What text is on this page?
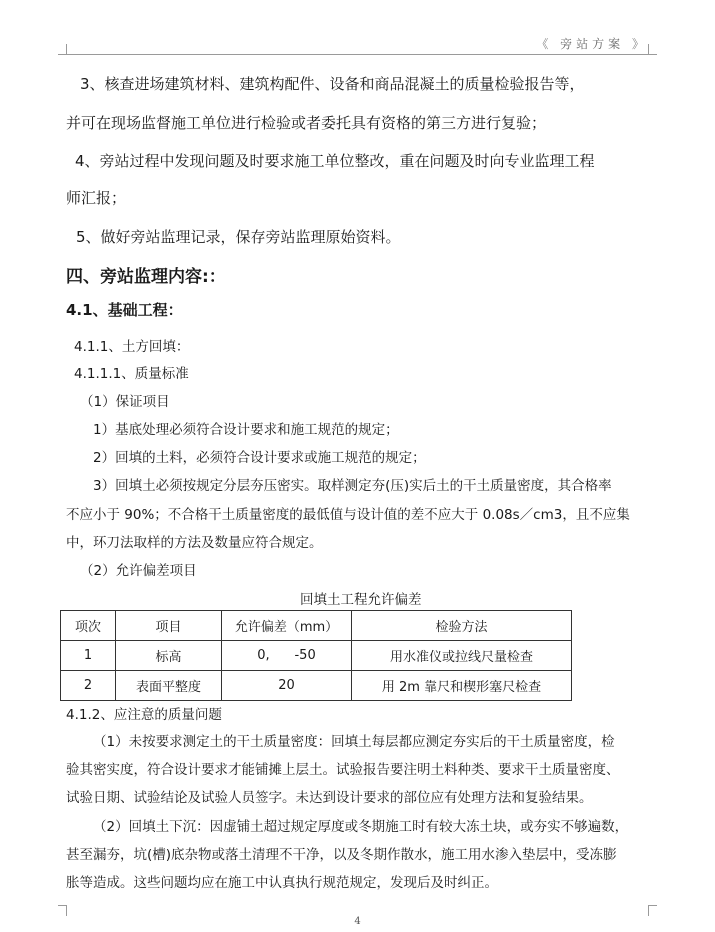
《 旁站方案 》
3、核查进场建筑材料、建筑构配件、设备和商品混凝土的质量检验报告等，
并可在现场监督施工单位进行检验或者委托具有资格的第三方进行复验；
4、旁站过程中发现问题及时要求施工单位整改，重在问题及时向专业监理工程
师汇报；
5、做好旁站监理记录，保存旁站监理原始资料。
四、旁站监理内容:：
4.1、基础工程：
4.1.1、土方回填：
4.1.1.1、质量标准
（1）保证项目
1）基底处理必须符合设计要求和施工规范的规定；
2）回填的土料，必须符合设计要求或施工规范的规定；
3）回填土必须按规定分层夯压密实。取样测定夯(压)实后土的干土质量密度，其合格率
不应小于 90%；不合格干土质量密度的最低值与设计值的差不应大于 0.08s／cm3，且不应集
中，环刀法取样的方法及数量应符合规定。
（2）允许偏差项目
回填土工程允许偏差
项次	项目	允许偏差（mm）	检验方法
1	标高	0,      -50	用水准仪或拉线尺量检查
2	表面平整度	20	用 2m 靠尺和楔形塞尺检查
4.1.2、应注意的质量问题
（1）未按要求测定土的干土质量密度：回填土每层都应测定夯实后的干土质量密度，检
验其密实度，符合设计要求才能铺摊上层土。试验报告要注明土料种类、要求干土质量密度、
试验日期、试验结论及试验人员签字。未达到设计要求的部位应有处理方法和复验结果。
（2）回填土下沉：因虚铺土超过规定厚度或冬期施工时有较大冻土块，或夯实不够遍数，
甚至漏夯，坑(槽)底杂物或落土清理不干净，以及冬期作散水，施工用水渗入垫层中，受冻膨
胀等造成。这些问题均应在施工中认真执行规范规定，发现后及时纠正。
4
